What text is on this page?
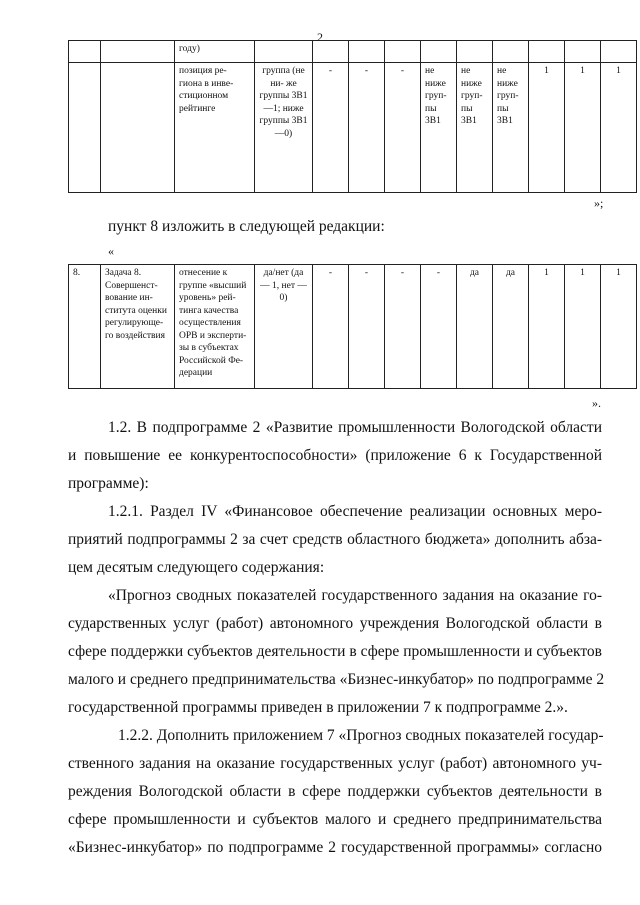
2
		году)										
		позиция ре- гиона в инве- стиционном рейтинге	группа (не ни- же группы 3В1—1; ниже группы 3В1—0)	-	-	-	не ниже груп- пы 3В1	не ниже груп- пы 3В1	не ниже груп- пы 3В1	1	1	1
»;
пункт 8 изложить в следующей редакции:
«
8.	Задача 8. Совершенст- вование ин- ститута оценки регулирующе- го воздействия	отнесение к группе «высший уровень» рей- тинга качества осуществления ОРВ и эксперти- зы в субъектах Российской Фе- дерации	да/нет (да — 1, нет — 0)	-	-	-	-	да	да	1	1	1
».
1.2. В подпрограмме 2 «Развитие промышленности Вологодской области
и повышение ее конкурентоспособности» (приложение 6 к Государственной
программе):
1.2.1. Раздел IV «Финансовое обеспечение реализации основных меро-
приятий подпрограммы 2 за счет средств областного бюджета» дополнить абза-
цем десятым следующего содержания:
«Прогноз сводных показателей государственного задания на оказание го-
сударственных услуг (работ) автономного учреждения Вологодской области в
сфере поддержки субъектов деятельности в сфере промышленности и субъектов
малого и среднего предпринимательства «Бизнес-инкубатор» по подпрограмме 2
государственной программы приведен в приложении 7 к подпрограмме 2.».
1.2.2. Дополнить приложением 7 «Прогноз сводных показателей государ-
ственного задания на оказание государственных услуг (работ) автономного уч-
реждения Вологодской области в сфере поддержки субъектов деятельности в
сфере промышленности и субъектов малого и среднего предпринимательства
«Бизнес-инкубатор» по подпрограмме 2 государственной программы» согласно
